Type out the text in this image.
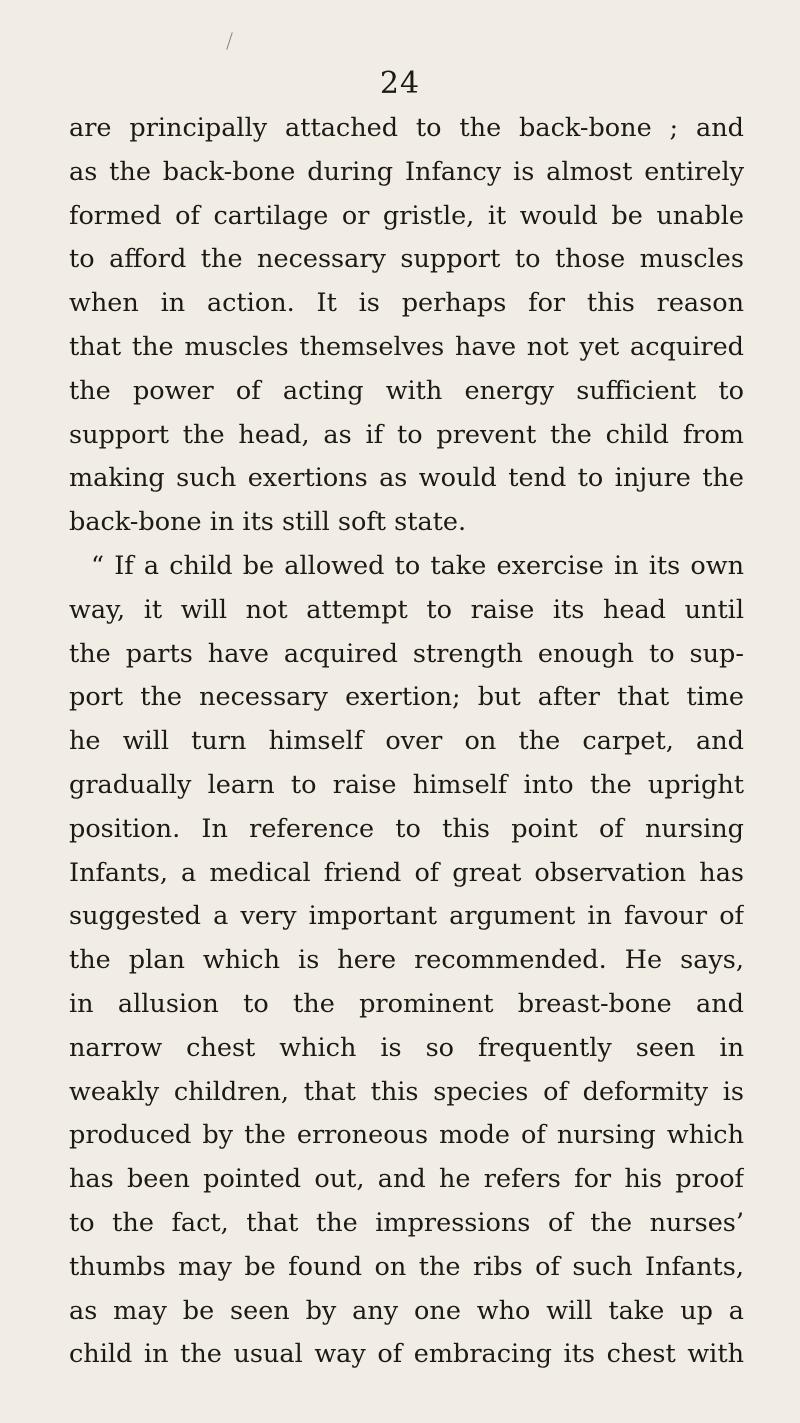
24
are principally attached to the back-bone ; and
as the back-bone during Infancy is almost entirely
formed of cartilage or gristle, it would be unable
to afford the necessary support to those muscles
when in action. It is perhaps for this reason
that the muscles themselves have not yet acquired
the power of acting with energy sufficient to
support the head, as if to prevent the child from
making such exertions as would tend to injure the
back-bone in its still soft state.
“ If a child be allowed to take exercise in its own
way, it will not attempt to raise its head until
the parts have acquired strength enough to sup-
port the necessary exertion; but after that time
he will turn himself over on the carpet, and
gradually learn to raise himself into the upright
position. In reference to this point of nursing
Infants, a medical friend of great observation has
suggested a very important argument in favour of
the plan which is here recommended. He says,
in allusion to the prominent breast-bone and
narrow chest which is so frequently seen in
weakly children, that this species of deformity is
produced by the erroneous mode of nursing which
has been pointed out, and he refers for his proof
to the fact, that the impressions of the nurses’
thumbs may be found on the ribs of such Infants,
as may be seen by any one who will take up a
child in the usual way of embracing its chest with
